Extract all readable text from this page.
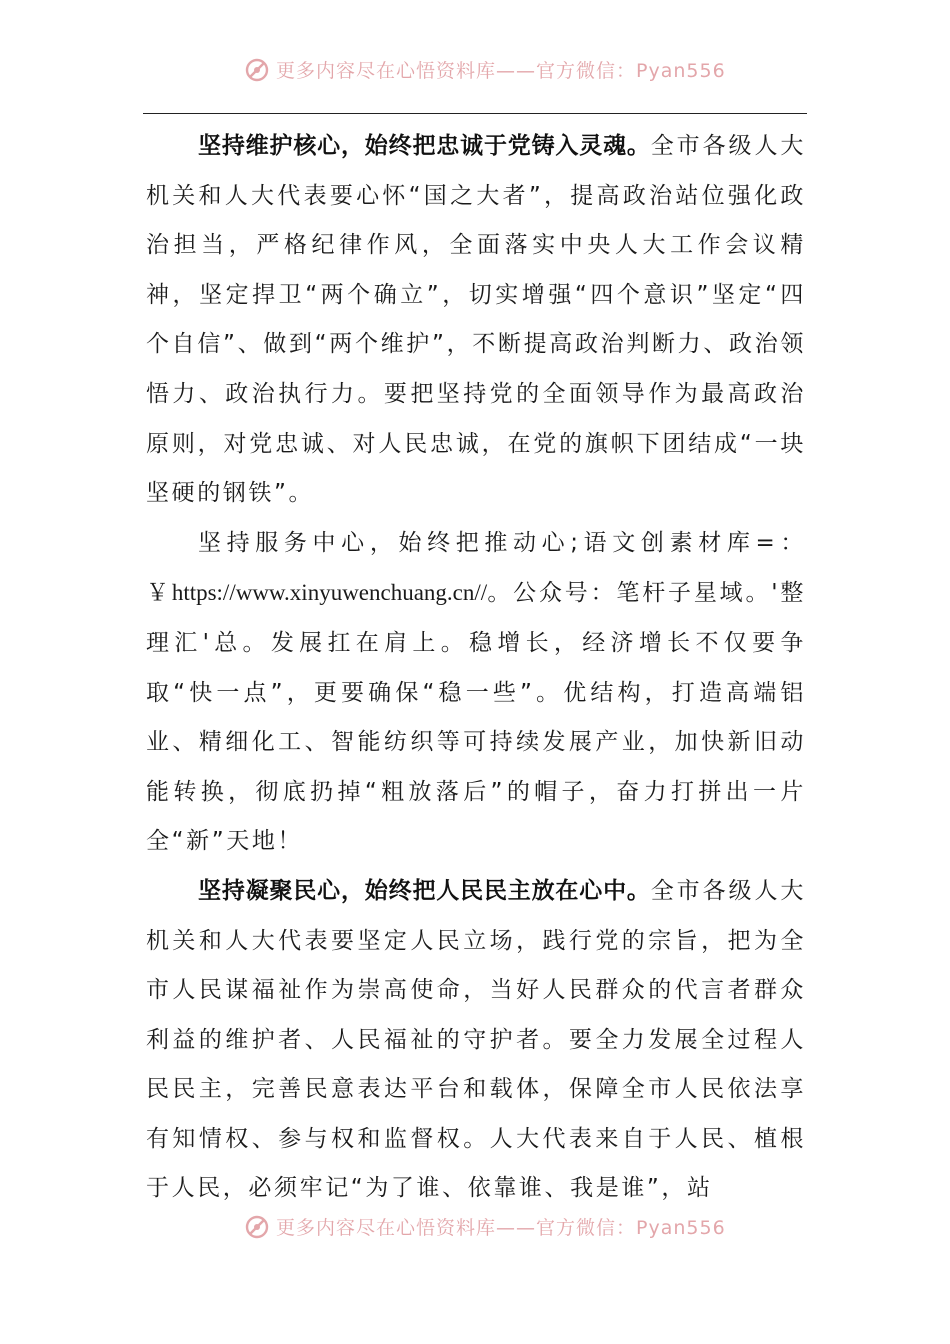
更多内容尽在心悟资料库——官方微信：Pyan556

坚持维护核心，始终把忠诚于党铸入灵魂。全市各级人大机关和人大代表要心怀“国之大者”，提高政治站位强化政治担当，严格纪律作风，全面落实中央人大工作会议精神，坚定捍卫“两个确立”，切实增强“四个意识”坚定“四个自信”、做到“两个维护”，不断提高政治判断力、政治领悟力、政治执行力。要把坚持党的全面领导作为最高政治原则，对党忠诚、对人民忠诚，在党的旗帜下团结成“一块坚硬的钢铁”。

坚持服务中心，始终把推动心;语文创素材库=：￥https://www.xinyuwenchuang.cn//。公众号：笔杆子星域。'整理汇'总。发展扛在肩上。稳增长，经济增长不仅要争取“快一点”，更要确保“稳一些”。优结构，打造高端铝业、精细化工、智能纺织等可持续发展产业，加快新旧动能转换，彻底扔掉“粗放落后”的帽子，奋力打拼出一片全“新”天地！

坚持凝聚民心，始终把人民民主放在心中。全市各级人大机关和人大代表要坚定人民立场，践行党的宗旨，把为全市人民谋福祉作为崇高使命，当好人民群众的代言者群众利益的维护者、人民福祉的守护者。要全力发展全过程人民民主，完善民意表达平台和载体，保障全市人民依法享有知情权、参与权和监督权。人大代表来自于人民、植根于人民，必须牢记“为了谁、依靠谁、我是谁”，站

更多内容尽在心悟资料库——官方微信：Pyan556
